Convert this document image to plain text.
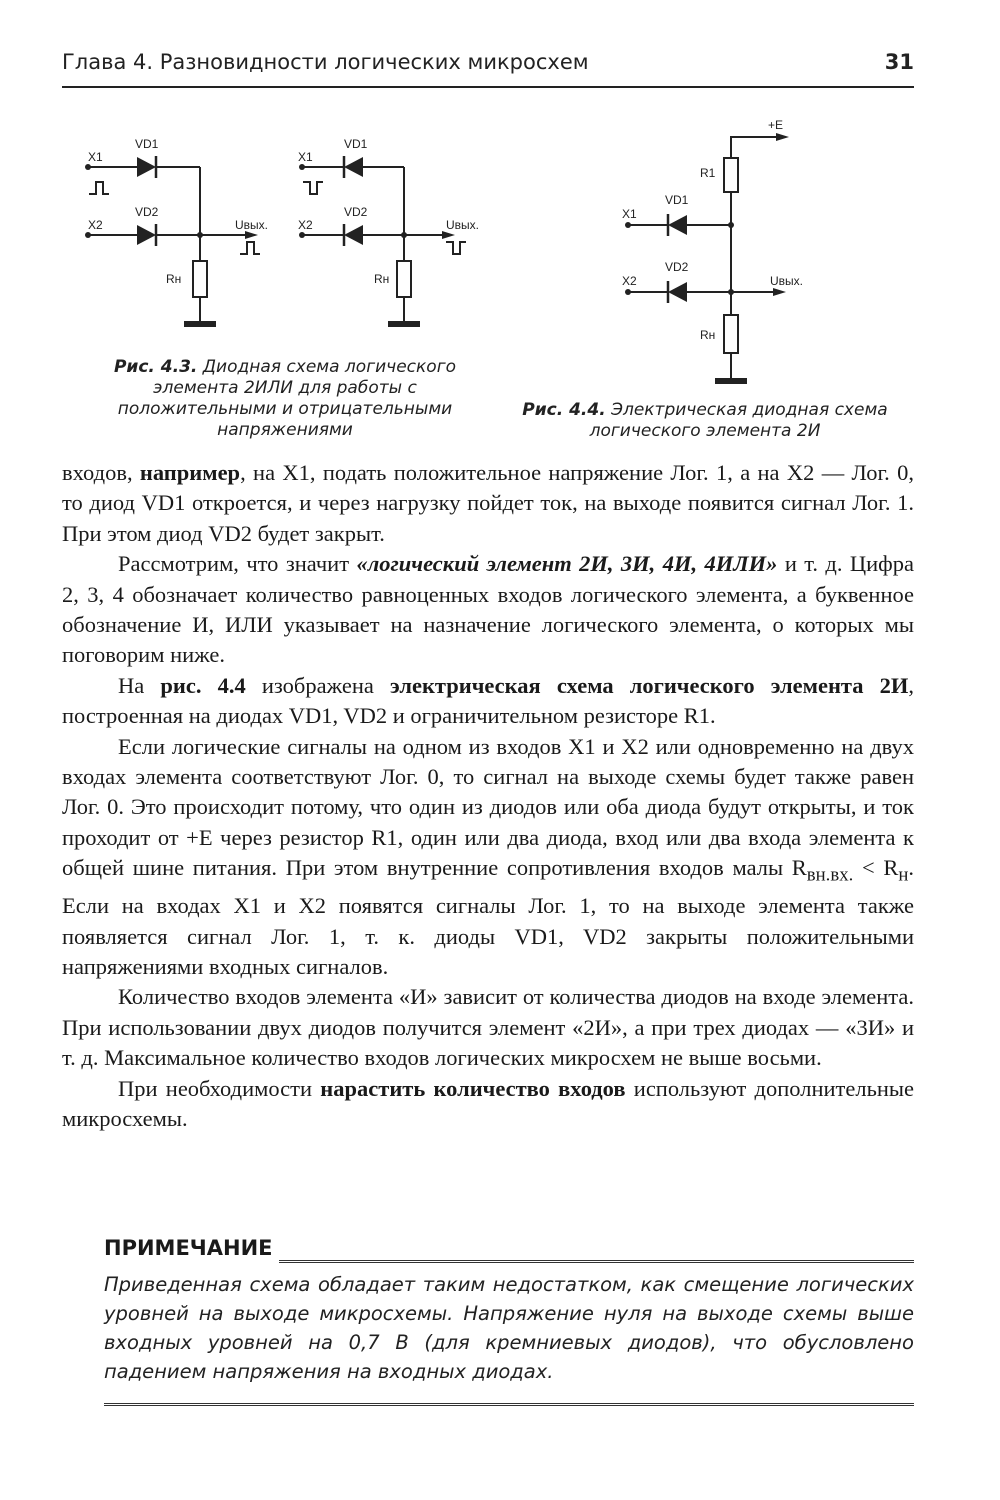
Глава 4. Разновидности логических микросхем	31
VD1
VD2
X1
X2	Uвых.
Rн
VD1
VD2
X1
X2	Uвых.
Rн
Рис. 4.3. Диодная схема логического элемента 2ИЛИ для работы с положительными и отрицательными напряжениями
+E
R1
VD1
VD2
X1
X2	Uвых.
Rн
Рис. 4.4. Электрическая диодная схема логического элемента 2И

входов, например, на X1, подать положительное напряжение Лог. 1, а на X2 — Лог. 0, то диод VD1 откроется, и через нагрузку пойдет ток, на выходе появится сигнал Лог. 1. При этом диод VD2 будет закрыт.

Рассмотрим, что значит «логический элемент 2И, 3И, 4И, 4ИЛИ» и т. д. Цифра 2, 3, 4 обозначает количество равноценных входов логического элемента, а буквенное обозначение И, ИЛИ указывает на назначение логического элемента, о которых мы поговорим ниже.

На рис. 4.4 изображена электрическая схема логического элемента 2И, построенная на диодах VD1, VD2 и ограничительном резисторе R1.

Если логические сигналы на одном из входов X1 и X2 или одновременно на двух входах элемента соответствуют Лог. 0, то сигнал на выходе схемы будет также равен Лог. 0. Это происходит потому, что один из диодов или оба диода будут открыты, и ток проходит от +E через резистор R1, один или два диода, вход или два входа элемента к общей шине питания. При этом внутренние сопротивления входов малы $R_{вн.вх.} < R_н$. Если на входах X1 и X2 появятся сигналы Лог. 1, то на выходе элемента также появляется сигнал Лог. 1, т. к. диоды VD1, VD2 закрыты положительными напряжениями входных сигналов.

Количество входов элемента «И» зависит от количества диодов на входе элемента. При использовании двух диодов получится элемент «2И», а при трех диодах — «3И» и т. д. Максимальное количество входов логических микросхем не выше восьми.

При необходимости нарастить количество входов используют дополнительные микросхемы.

ПРИМЕЧАНИЕ
Приведенная схема обладает таким недостатком, как смещение логических уровней на выходе микросхемы. Напряжение нуля на выходе схемы выше входных уровней на 0,7 В (для кремниевых диодов), что обусловлено падением напряжения на входных диодах.
